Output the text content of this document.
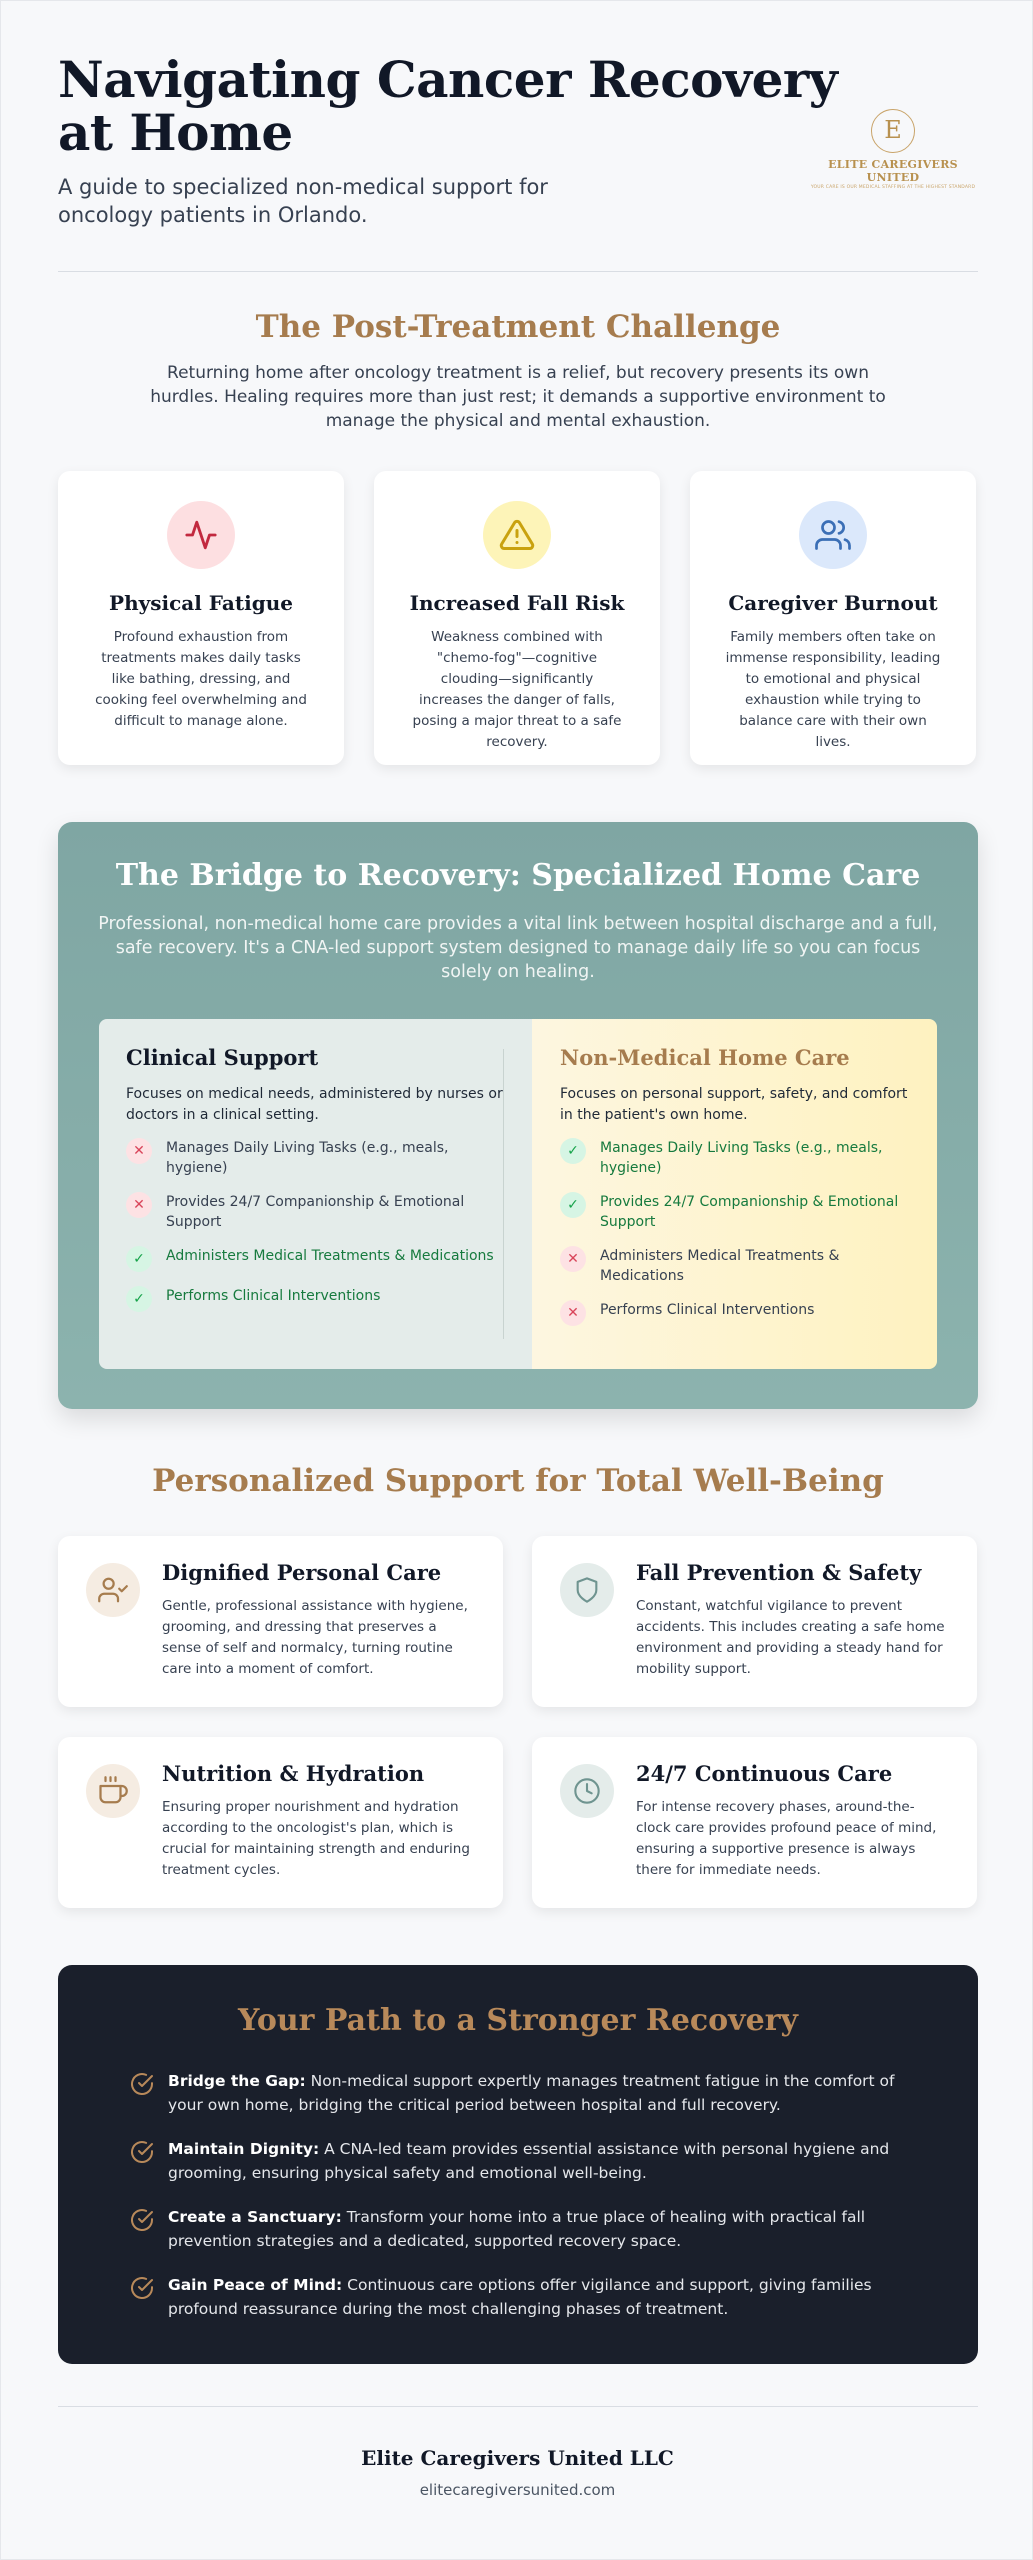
Navigating Cancer Recovery at Home
A guide to specialized non-medical support for oncology patients in Orlando.
E
ELITE CAREGIVERS UNITED
YOUR CARE IS OUR MEDICAL STAFFING AT THE HIGHEST STANDARD
The Post-Treatment Challenge
Returning home after oncology treatment is a relief, but recovery presents its own hurdles. Healing requires more than just rest; it demands a supportive environment to manage the physical and mental exhaustion.
Physical Fatigue

Profound exhaustion from treatments makes daily tasks like bathing, dressing, and cooking feel overwhelming and difficult to manage alone.

Increased Fall Risk

Weakness combined with "chemo-fog"—cognitive clouding—significantly increases the danger of falls, posing a major threat to a safe recovery.

Caregiver Burnout

Family members often take on immense responsibility, leading to emotional and physical exhaustion while trying to balance care with their own lives.

The Bridge to Recovery: Specialized Home Care
Professional, non-medical home care provides a vital link between hospital discharge and a full, safe recovery. It's a CNA-led support system designed to manage daily life so you can focus solely on healing.
Clinical Support
Focuses on medical needs, administered by nurses or doctors in a clinical setting.
✕	Manages Daily Living Tasks (e.g., meals, hygiene)
✕	Provides 24/7 Companionship & Emotional Support
✓	Administers Medical Treatments & Medications
✓	Performs Clinical Interventions
Non-Medical Home Care
Focuses on personal support, safety, and comfort in the patient's own home.
✓	Manages Daily Living Tasks (e.g., meals, hygiene)
✓	Provides 24/7 Companionship & Emotional Support
✕	Administers Medical Treatments & Medications
✕	Performs Clinical Interventions
Personalized Support for Total Well-Being
Dignified Personal Care

Gentle, professional assistance with hygiene, grooming, and dressing that preserves a sense of self and normalcy, turning routine care into a moment of comfort.

Fall Prevention & Safety

Constant, watchful vigilance to prevent accidents. This includes creating a safe home environment and providing a steady hand for mobility support.

Nutrition & Hydration

Ensuring proper nourishment and hydration according to the oncologist's plan, which is crucial for maintaining strength and enduring treatment cycles.

24/7 Continuous Care

For intense recovery phases, around-the-clock care provides profound peace of mind, ensuring a supportive presence is always there for immediate needs.

Your Path to a Stronger Recovery
Bridge the Gap: Non-medical support expertly manages treatment fatigue in the comfort of your own home, bridging the critical period between hospital and full recovery.
Maintain Dignity: A CNA-led team provides essential assistance with personal hygiene and grooming, ensuring physical safety and emotional well-being.
Create a Sanctuary: Transform your home into a true place of healing with practical fall prevention strategies and a dedicated, supported recovery space.
Gain Peace of Mind: Continuous care options offer vigilance and support, giving families profound reassurance during the most challenging phases of treatment.
Elite Caregivers United LLC
elitecaregiversunited.com
